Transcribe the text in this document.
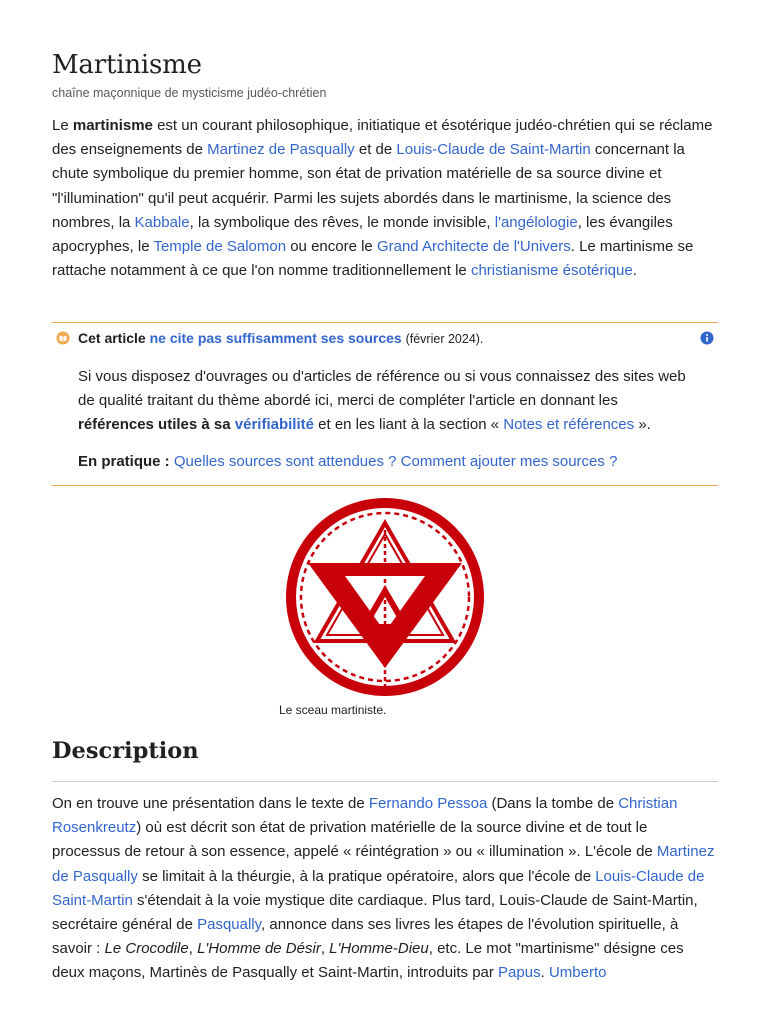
Martinisme
chaîne maçonnique de mysticisme judéo-chrétien

Le martinisme est un courant philosophique, initiatique et ésotérique judéo-chrétien qui se réclame des enseignements de Martinez de Pasqually et de Louis-Claude de Saint-Martin concernant la chute symbolique du premier homme, son état de privation matérielle de sa source divine et "l'illumination" qu'il peut acquérir. Parmi les sujets abordés dans le martinisme, la science des nombres, la Kabbale, la symbolique des rêves, le monde invisible, l'angélologie, les évangiles apocryphes, le Temple de Salomon ou encore le Grand Architecte de l'Univers. Le martinisme se rattache notamment à ce que l'on nomme traditionnellement le christianisme ésotérique.

Cet article ne cite pas suffisamment ses sources (février 2024).

Si vous disposez d'ouvrages ou d'articles de référence ou si vous connaissez des sites web de qualité traitant du thème abordé ici, merci de compléter l'article en donnant les références utiles à sa vérifiabilité et en les liant à la section « Notes et références ».

En pratique : Quelles sources sont attendues ? Comment ajouter mes sources ?

Le sceau martiniste.
Description

On en trouve une présentation dans le texte de Fernando Pessoa (Dans la tombe de Christian Rosenkreutz) où est décrit son état de privation matérielle de la source divine et de tout le processus de retour à son essence, appelé « réintégration » ou « illumination ». L'école de Martinez de Pasqually se limitait à la théurgie, à la pratique opératoire, alors que l'école de Louis-Claude de Saint-Martin s'étendait à la voie mystique dite cardiaque. Plus tard, Louis-Claude de Saint-Martin, secrétaire général de Pasqually, annonce dans ses livres les étapes de l'évolution spirituelle, à savoir : Le Crocodile, L'Homme de Désir, L'Homme-Dieu, etc. Le mot "martinisme" désigne ces deux maçons, Martinès de Pasqually et Saint-Martin, introduits par Papus. Umberto
